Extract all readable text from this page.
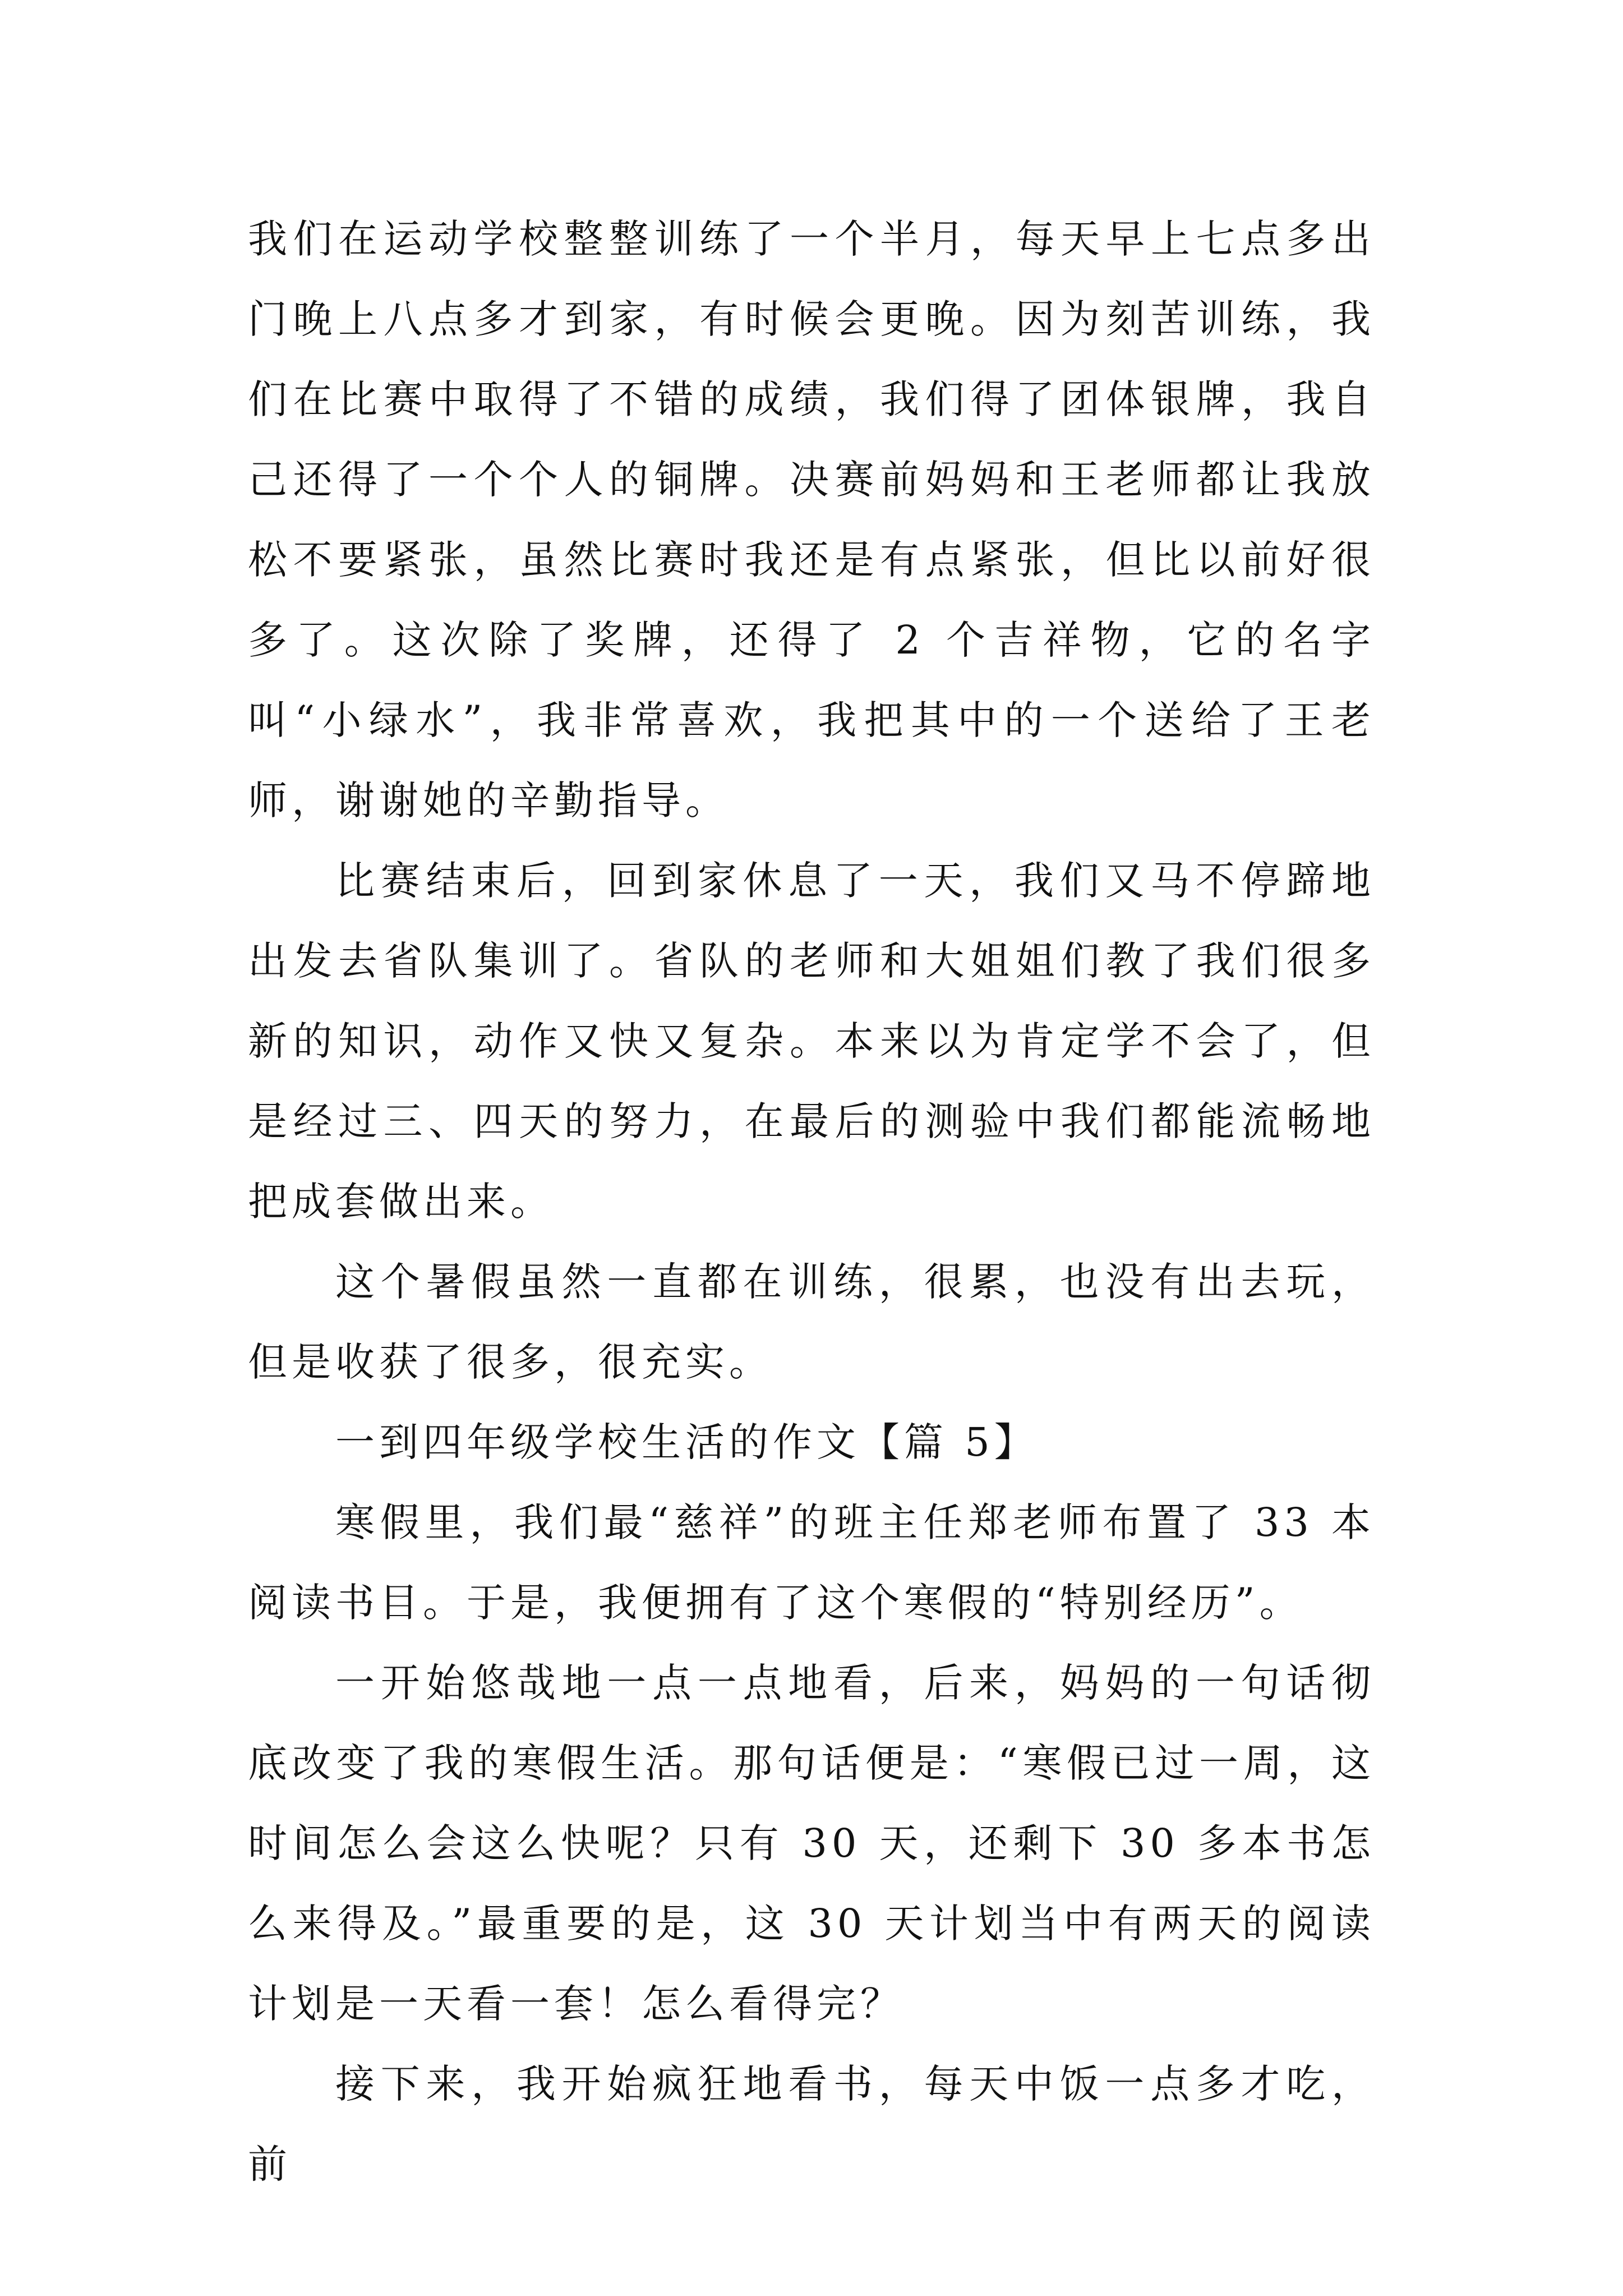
我们在运动学校整整训练了一个半月，每天早上七点多出门晚上八点多才到家，有时候会更晚。因为刻苦训练，我们在比赛中取得了不错的成绩，我们得了团体银牌，我自己还得了一个个人的铜牌。决赛前妈妈和王老师都让我放松不要紧张，虽然比赛时我还是有点紧张，但比以前好很多了。这次除了奖牌，还得了 2 个吉祥物，它的名字叫“小绿水”，我非常喜欢，我把其中的一个送给了王老师，谢谢她的辛勤指导。

比赛结束后，回到家休息了一天，我们又马不停蹄地出发去省队集训了。省队的老师和大姐姐们教了我们很多新的知识，动作又快又复杂。本来以为肯定学不会了，但是经过三、四天的努力，在最后的测验中我们都能流畅地把成套做出来。

这个暑假虽然一直都在训练，很累，也没有出去玩，但是收获了很多，很充实。

一到四年级学校生活的作文【篇 5】

寒假里，我们最“慈祥”的班主任郑老师布置了 33 本阅读书目。于是，我便拥有了这个寒假的“特别经历”。

一开始悠哉地一点一点地看，后来，妈妈的一句话彻底改变了我的寒假生活。那句话便是：“寒假已过一周，这时间怎么会这么快呢？只有 30 天，还剩下 30 多本书怎么来得及。”最重要的是，这 30 天计划当中有两天的阅读计划是一天看一套！怎么看得完？

接下来，我开始疯狂地看书，每天中饭一点多才吃，前
